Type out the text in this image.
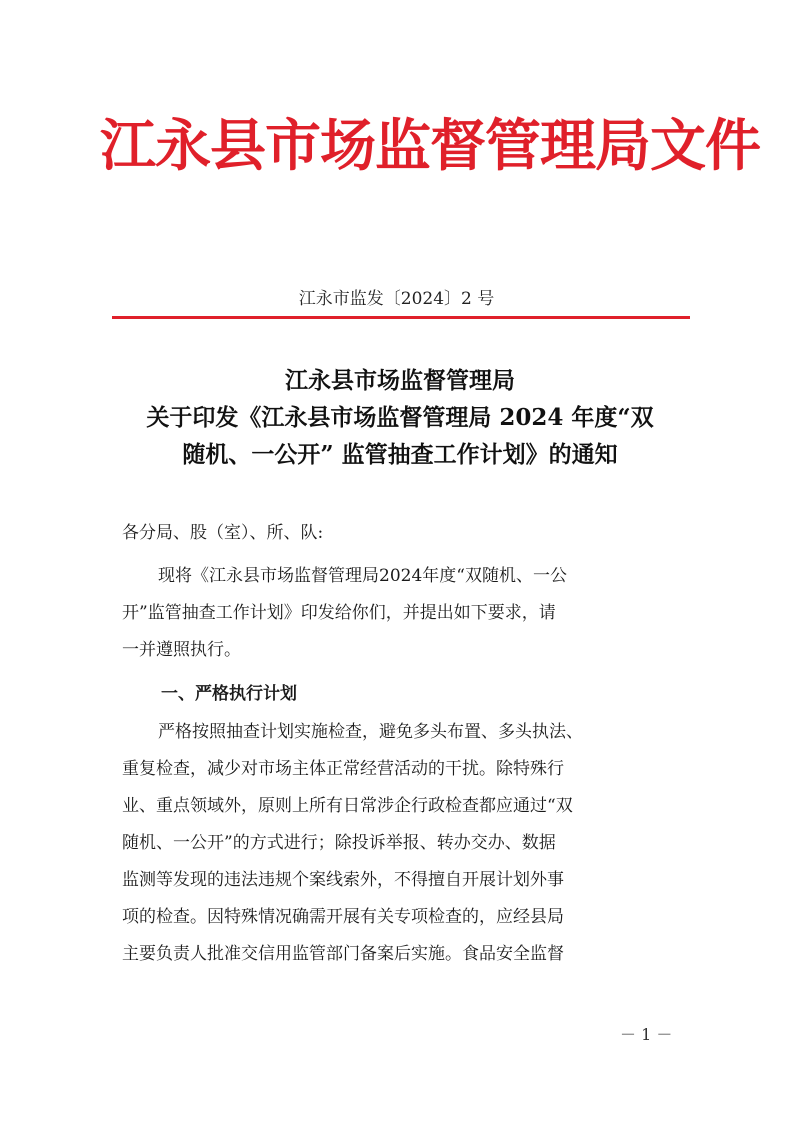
江永县市场监督管理局文件
江永市监发〔2024〕2 号
江永县市场监督管理局
关于印发《江永县市场监督管理局 2024 年度“双
随机、一公开” 监管抽查工作计划》的通知
各分局、股（室）、所、队:
现将《江永县市场监督管理局2024年度“双随机、一公
开”监管抽查工作计划》印发给你们，并提出如下要求，请
一并遵照执行。
一、严格执行计划
严格按照抽查计划实施检查，避免多头布置、多头执法、
重复检查，减少对市场主体正常经营活动的干扰。除特殊行
业、重点领域外，原则上所有日常涉企行政检查都应通过“双
随机、一公开”的方式进行；除投诉举报、转办交办、数据
监测等发现的违法违规个案线索外，不得擅自开展计划外事
项的检查。因特殊情况确需开展有关专项检查的，应经县局
主要负责人批准交信用监管部门备案后实施。食品安全监督
－ 1 －
